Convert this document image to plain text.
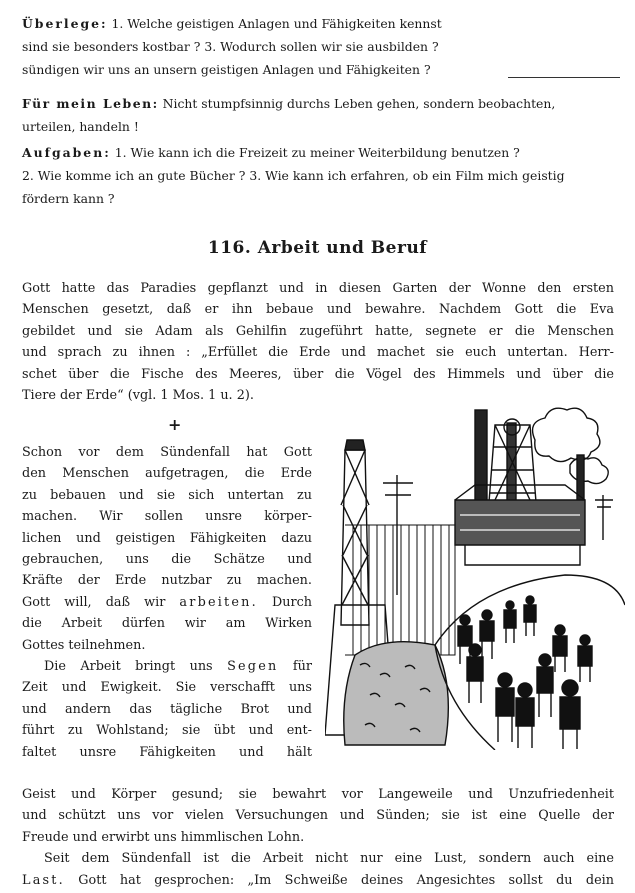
Überlege: 1. Welche geistigen Anlagen und Fähigkeiten kennst

sind sie besonders kostbar ? 3. Wodurch sollen wir sie ausbilden ?

sündigen wir uns an unsern geistigen Anlagen und Fähigkeiten ?

Für mein Leben: Nicht stumpfsinnig durchs Leben gehen, sondern beobachten,

urteilen, handeln !

Aufgaben: 1. Wie kann ich die Freizeit zu meiner Weiterbildung benutzen ?

2. Wie komme ich an gute Bücher ? 3. Wie kann ich erfahren, ob ein Film mich geistig

fördern kann ?

116. Arbeit und Beruf

Gott hatte das Paradies gepflanzt und in diesen Garten der Wonne den ersten

Menschen gesetzt, daß er ihn bebaue und bewahre. Nachdem Gott die Eva

gebildet und sie Adam als Gehilfin zugeführt hatte, segnete er die Menschen

und sprach zu ihnen : „Erfüllet die Erde und machet sie euch untertan. Herr-

schet über die Fische des Meeres, über die Vögel des Himmels und über die

Tiere der Erde“ (vgl. 1 Mos. 1 u. 2).

+

Schon vor dem Sündenfall hat Gott

den Menschen aufgetragen, die Erde

zu bebauen und sie sich untertan zu

machen. Wir sollen unsre körper-

lichen und geistigen Fähigkeiten dazu

gebrauchen, uns die Schätze und

Kräfte der Erde nutzbar zu machen.

Gott will, daß wir arbeiten. Durch

die Arbeit dürfen wir am Wirken

Gottes teilnehmen.

Die Arbeit bringt uns Segen für

Zeit und Ewigkeit. Sie verschafft uns

und andern das tägliche Brot und

führt zu Wohlstand; sie übt und ent-

faltet unsre Fähigkeiten und hält

Geist und Körper gesund; sie bewahrt vor Langeweile und Unzufriedenheit

und schützt uns vor vielen Versuchungen und Sünden; sie ist eine Quelle der

Freude und erwirbt uns himmlischen Lohn.

Seit dem Sündenfall ist die Arbeit nicht nur eine Lust, sondern auch eine

Last. Gott hat gesprochen: „Im Schweiße deines Angesichtes sollst du dein
